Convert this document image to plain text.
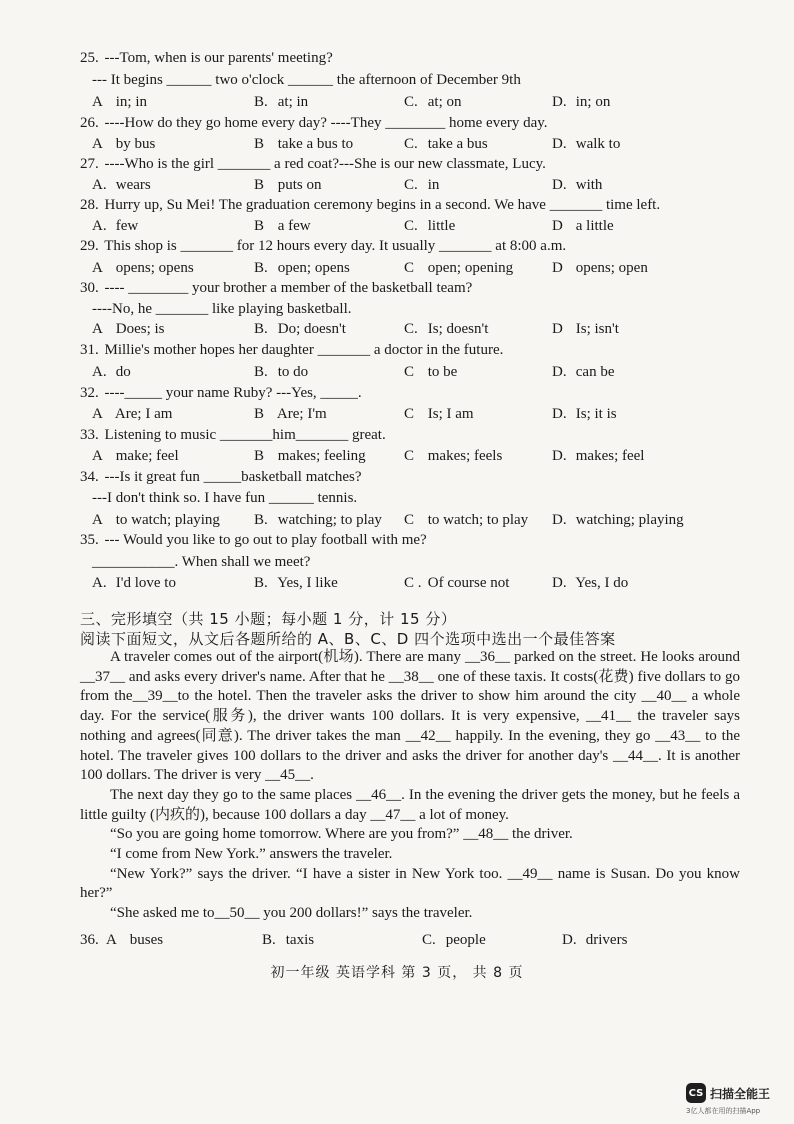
25. ---Tom, when is our parents' meeting?
--- It begins ______ two o'clock ______ the afternoon of December 9th
A in; in	B. at; in	C. at; on	D. in; on
26. ----How do they go home every day? ----They ________ home every day.
A by bus	B take a bus to	C. take a bus	D. walk to
27. ----Who is the girl _______ a red coat?---She is our new classmate, Lucy.
A. wears	B puts on	C. in	D. with
28. Hurry up, Su Mei! The graduation ceremony begins in a second. We have _______ time left.
A. few	B a few	C. little	D a little
29. This shop is _______ for 12 hours every day. It usually _______ at 8:00 a.m.
A opens; opens	B. open; opens	C open; opening	D opens; open
30. ---- ________ your brother a member of the basketball team?
----No, he _______ like playing basketball.
A Does; is	B. Do; doesn't	C. Is; doesn't	D Is; isn't
31. Millie's mother hopes her daughter _______ a doctor in the future.
A. do	B. to do	C to be	D. can be
32. ----_____ your name Ruby? ---Yes, _____.
A Are; I am	B Are; I'm	C Is; I am	D. Is; it is
33. Listening to music _______him_______ great.
A make; feel	B makes; feeling	C makes; feels	D. makes; feel
34. ---Is it great fun _____basketball matches?
---I don't think so. I have fun ______ tennis.
A to watch; playing B. watching; to play C to watch; to play D. watching; playing
35. --- Would you like to go out to play football with me?
___________. When shall we meet?
A. I'd love to	B. Yes, I like	C . Of course not	D. Yes, I do
三、完形填空（共 15 小题；每小题 1 分，计 15 分）
阅读下面短文，从文后各题所给的 A、B、C、D 四个选项中选出一个最佳答案

A traveler comes out of the airport(机场). There are many __36__ parked on the street. He looks around __37__ and asks every driver's name. After that he __38__ one of these taxis. It costs(花费) five dollars to go from the__39__to the hotel. Then the traveler asks the driver to show him around the city __40__ a whole day. For the service(服务), the driver wants 100 dollars. It is very expensive, __41__ the traveler says nothing and agrees(同意). The driver takes the man __42__ happily. In the evening, they go __43__ to the hotel. The traveler gives 100 dollars to the driver and asks the driver for another day's __44__. It is another 100 dollars. The driver is very __45__.

The next day they go to the same places __46__. In the evening the driver gets the money, but he feels a little guilty (内疚的), because 100 dollars a day __47__ a lot of money.

“So you are going home tomorrow. Where are you from?” __48__ the driver.

“I come from New York.” answers the traveler.

“New York?” says the driver. “I have a sister in New York too. __49__ name is Susan. Do you know her?”

“She asked me to__50__ you 200 dollars!” says the traveler.

36. A buses	B. taxis	C. people	D. drivers
初一年级 英语学科 第 3 页， 共 8 页
CS 扫描全能王
3亿人都在用的扫描App
